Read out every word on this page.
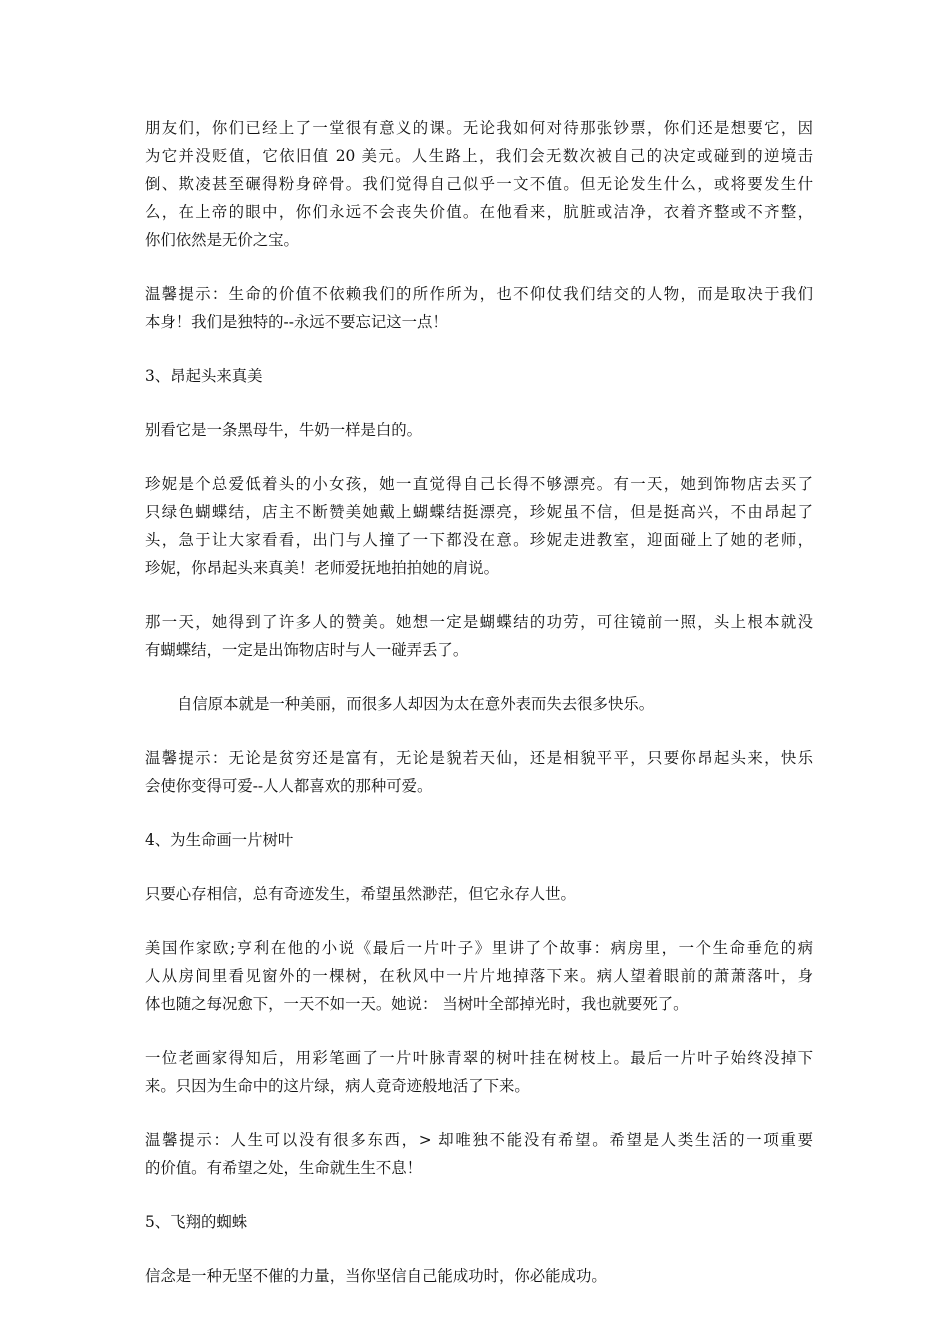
朋友们，你们已经上了一堂很有意义的课。无论我如何对待那张钞票，你们还是想要它，因
为它并没贬值，它依旧值 20 美元。人生路上，我们会无数次被自己的决定或碰到的逆境击
倒、欺凌甚至碾得粉身碎骨。我们觉得自己似乎一文不值。但无论发生什么，或将要发生什
么，在上帝的眼中，你们永远不会丧失价值。在他看来，肮脏或洁净，衣着齐整或不齐整，
你们依然是无价之宝。
温馨提示：生命的价值不依赖我们的所作所为，也不仰仗我们结交的人物，而是取决于我们
本身！我们是独特的--永远不要忘记这一点！
3、昂起头来真美
别看它是一条黑母牛，牛奶一样是白的。
珍妮是个总爱低着头的小女孩，她一直觉得自己长得不够漂亮。有一天，她到饰物店去买了
只绿色蝴蝶结，店主不断赞美她戴上蝴蝶结挺漂亮，珍妮虽不信，但是挺高兴，不由昂起了
头，急于让大家看看，出门与人撞了一下都没在意。珍妮走进教室，迎面碰上了她的老师，
珍妮，你昂起头来真美！老师爱抚地拍拍她的肩说。
那一天，她得到了许多人的赞美。她想一定是蝴蝶结的功劳，可往镜前一照，头上根本就没
有蝴蝶结，一定是出饰物店时与人一碰弄丢了。
自信原本就是一种美丽，而很多人却因为太在意外表而失去很多快乐。
温馨提示：无论是贫穷还是富有，无论是貌若天仙，还是相貌平平，只要你昂起头来，快乐
会使你变得可爱--人人都喜欢的那种可爱。
4、为生命画一片树叶
只要心存相信，总有奇迹发生，希望虽然渺茫，但它永存人世。
美国作家欧;亨利在他的小说《最后一片叶子》里讲了个故事：病房里，一个生命垂危的病
人从房间里看见窗外的一棵树，在秋风中一片片地掉落下来。病人望着眼前的萧萧落叶，身
体也随之每况愈下，一天不如一天。她说： 当树叶全部掉光时，我也就要死了。
一位老画家得知后，用彩笔画了一片叶脉青翠的树叶挂在树枝上。最后一片叶子始终没掉下
来。只因为生命中的这片绿，病人竟奇迹般地活了下来。
温馨提示：人生可以没有很多东西，> 却唯独不能没有希望。希望是人类生活的一项重要
的价值。有希望之处，生命就生生不息！
5、飞翔的蜘蛛
信念是一种无坚不催的力量，当你坚信自己能成功时，你必能成功。
